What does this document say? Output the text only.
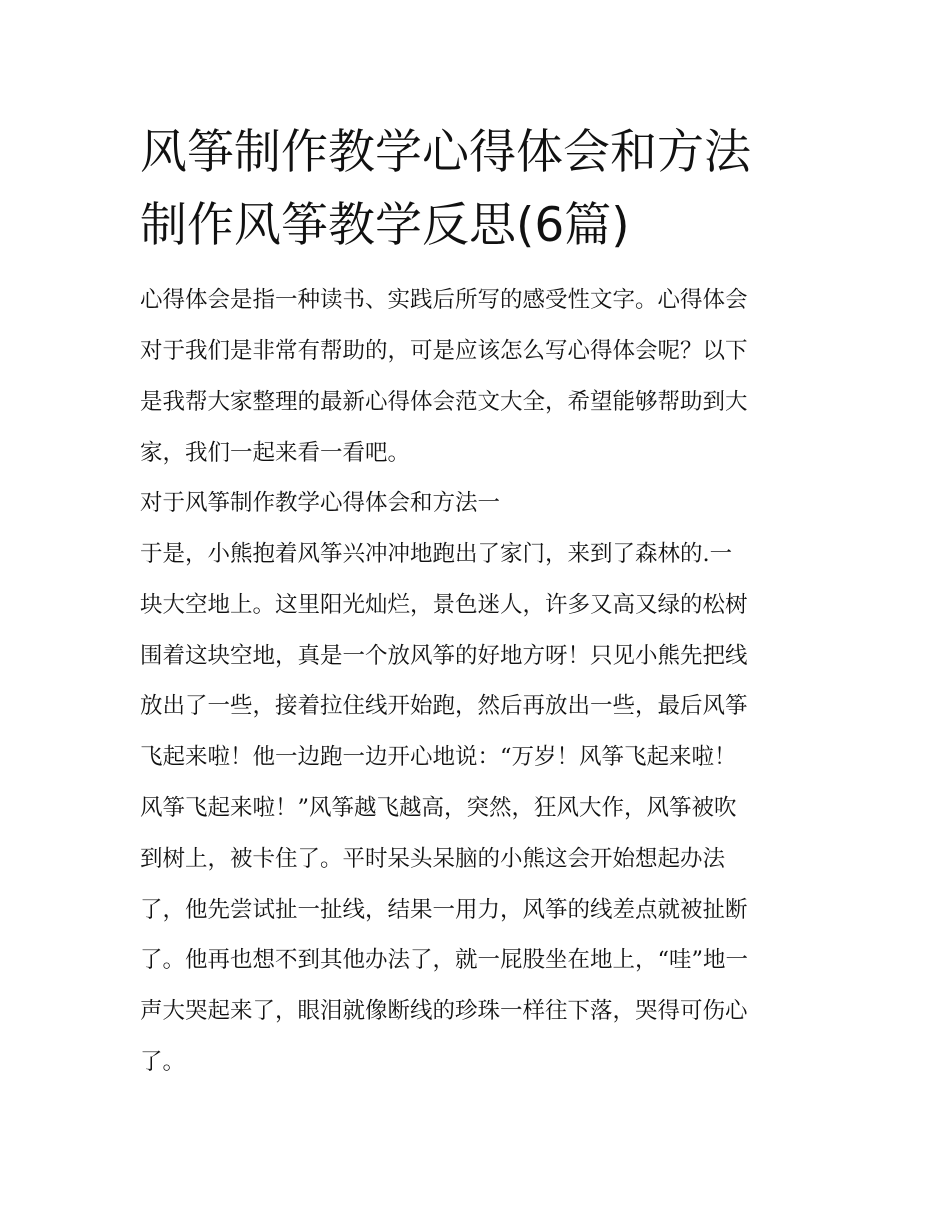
风筝制作教学心得体会和方法
制作风筝教学反思(6篇)

心得体会是指一种读书、实践后所写的感受性文字。心得体会
对于我们是非常有帮助的，可是应该怎么写心得体会呢？以下
是我帮大家整理的最新心得体会范文大全，希望能够帮助到大
家，我们一起来看一看吧。

对于风筝制作教学心得体会和方法一

于是，小熊抱着风筝兴冲冲地跑出了家门，来到了森林的.一
块大空地上。这里阳光灿烂，景色迷人，许多又高又绿的松树
围着这块空地，真是一个放风筝的好地方呀！只见小熊先把线
放出了一些，接着拉住线开始跑，然后再放出一些，最后风筝
飞起来啦！他一边跑一边开心地说：“万岁！风筝飞起来啦！
风筝飞起来啦！”风筝越飞越高，突然，狂风大作，风筝被吹
到树上，被卡住了。平时呆头呆脑的小熊这会开始想起办法
了，他先尝试扯一扯线，结果一用力，风筝的线差点就被扯断
了。他再也想不到其他办法了，就一屁股坐在地上，“哇”地一
声大哭起来了，眼泪就像断线的珍珠一样往下落，哭得可伤心
了。
